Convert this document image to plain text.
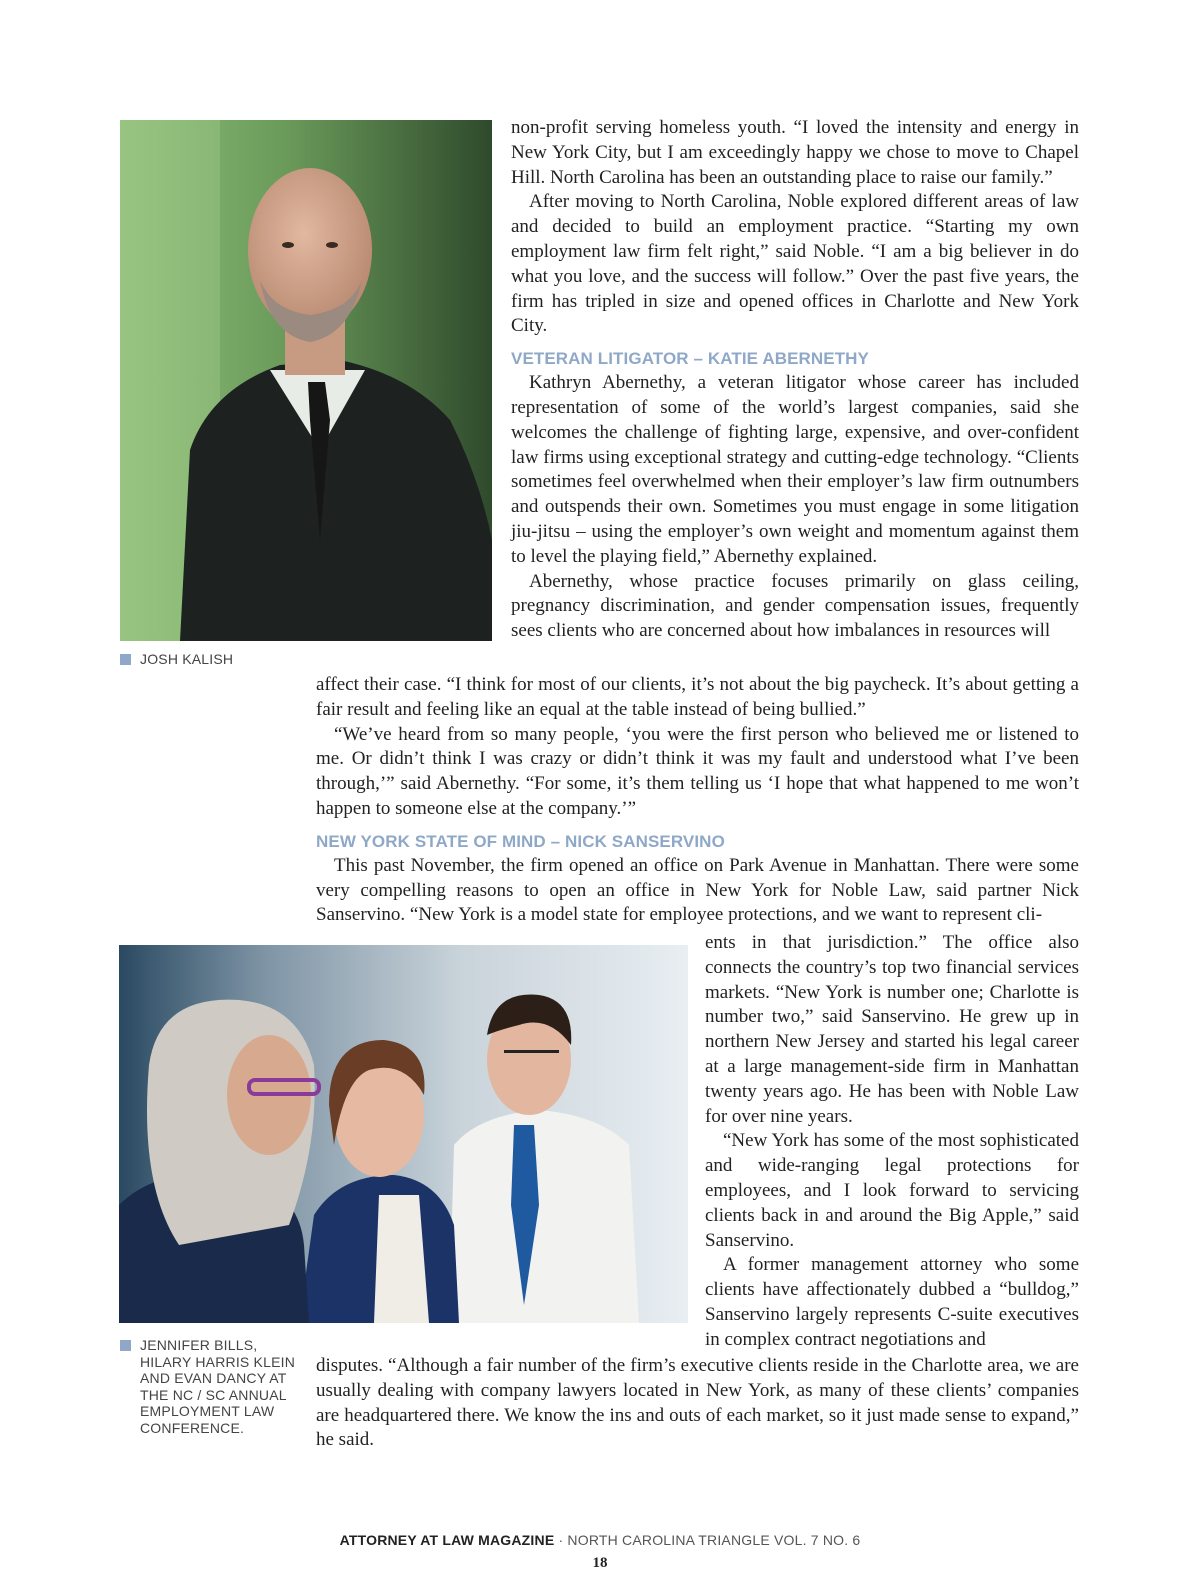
JOSH KALISH
JENNIFER BILLS, HILARY HARRIS KLEIN AND EVAN DANCY AT THE NC / SC ANNUAL EMPLOYMENT LAW CONFERENCE.

non-profit serving homeless youth. “I loved the intensity and energy in New York City, but I am exceedingly happy we chose to move to Chapel Hill. North Carolina has been an outstanding place to raise our family.”

After moving to North Carolina, Noble explored different areas of law and decided to build an employment practice. “Starting my own employment law firm felt right,” said Noble. “I am a big believer in do what you love, and the success will follow.” Over the past five years, the firm has tripled in size and opened offices in Charlotte and New York City.

VETERAN LITIGATOR – KATIE ABERNETHY

Kathryn Abernethy, a veteran litigator whose career has included representation of some of the world’s largest companies, said she welcomes the challenge of fighting large, expensive, and over-confident law firms using exceptional strategy and cutting-edge technology. “Clients sometimes feel overwhelmed when their employer’s law firm outnumbers and outspends their own. Sometimes you must engage in some litigation jiu-jitsu – using the employer’s own weight and momentum against them to level the playing field,” Abernethy explained.

Abernethy, whose practice focuses primarily on glass ceiling, pregnancy discrimination, and gender compensation issues, frequently sees clients who are concerned about how imbalances in resources will

affect their case. “I think for most of our clients, it’s not about the big paycheck. It’s about getting a fair result and feeling like an equal at the table instead of being bullied.”

“We’ve heard from so many people, ‘you were the first person who believed me or listened to me. Or didn’t think I was crazy or didn’t think it was my fault and understood what I’ve been through,’” said Abernethy. “For some, it’s them telling us ‘I hope that what happened to me won’t happen to someone else at the company.’”

NEW YORK STATE OF MIND – NICK SANSERVINO

This past November, the firm opened an office on Park Avenue in Manhattan. There were some very compelling reasons to open an office in New York for Noble Law, said partner Nick Sanservino. “New York is a model state for employee protections, and we want to represent cli-

ents in that jurisdiction.” The office also connects the country’s top two financial services markets. “New York is number one; Charlotte is number two,” said Sanservino. He grew up in northern New Jersey and started his legal career at a large management-side firm in Manhattan twenty years ago. He has been with Noble Law for over nine years.

“New York has some of the most sophisticated and wide-ranging legal protections for employees, and I look forward to servicing clients back in and around the Big Apple,” said Sanservino.

A former management attorney who some clients have affectionately dubbed a “bulldog,” Sanservino largely represents C-suite executives in complex contract negotiations and

disputes. “Although a fair number of the firm’s executive clients reside in the Charlotte area, we are usually dealing with company lawyers located in New York, as many of these clients’ companies are headquartered there. We know the ins and outs of each market, so it just made sense to expand,” he said.

ATTORNEY AT LAW MAGAZINE · NORTH CAROLINA TRIANGLE VOL. 7 NO. 6
18
